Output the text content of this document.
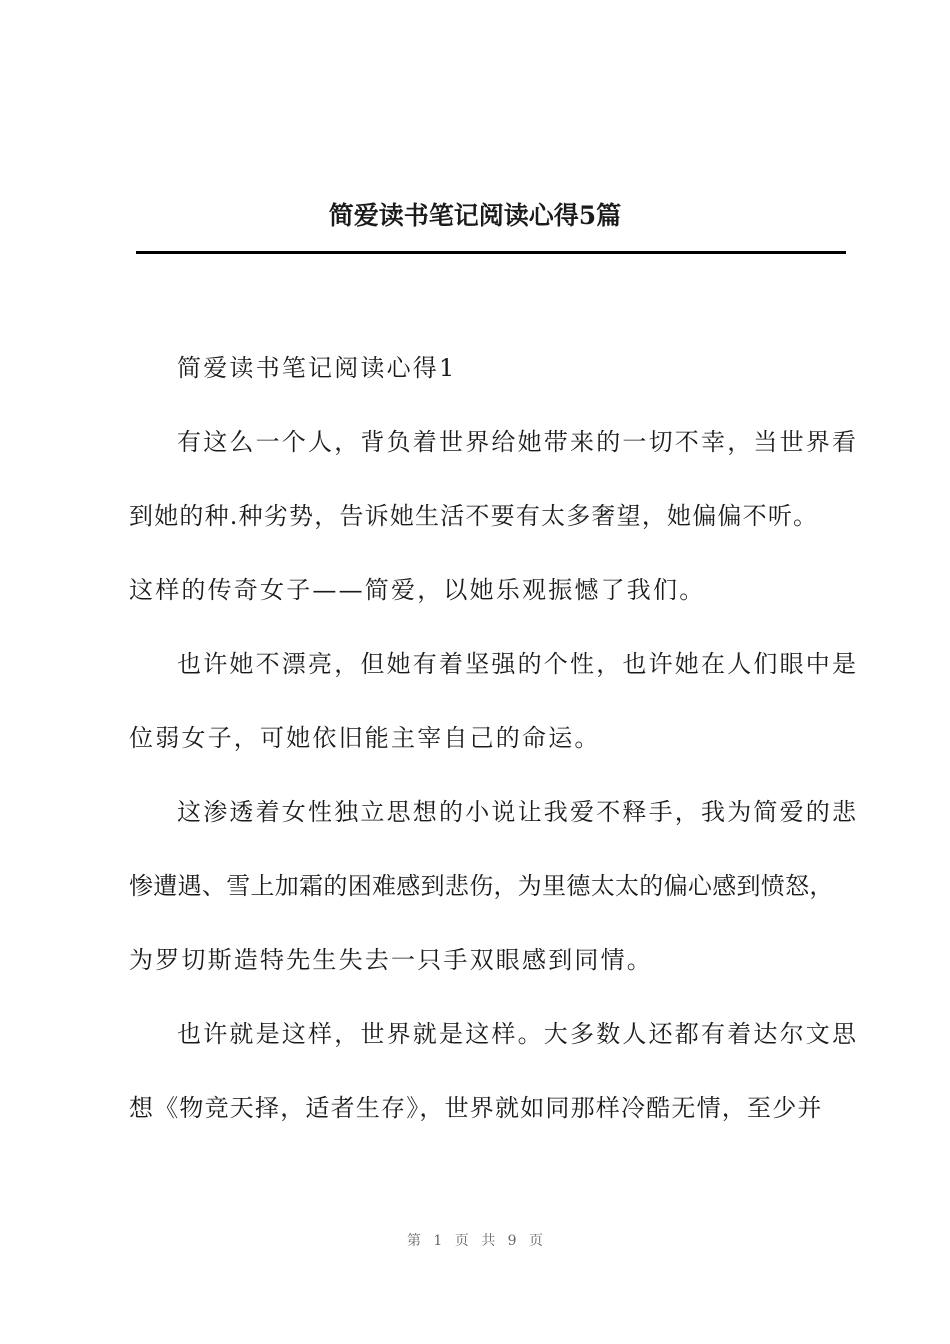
简爱读书笔记阅读心得5篇
简爱读书笔记阅读心得1
有这么一个人，背负着世界给她带来的一切不幸，当世界看
到她的种.种劣势，告诉她生活不要有太多奢望，她偏偏不听。
这样的传奇女子——简爱，以她乐观振憾了我们。
也许她不漂亮，但她有着坚强的个性，也许她在人们眼中是
位弱女子，可她依旧能主宰自己的命运。
这渗透着女性独立思想的小说让我爱不释手，我为简爱的悲
惨遭遇、雪上加霜的困难感到悲伤，为里德太太的偏心感到愤怒，
为罗切斯造特先生失去一只手双眼感到同情。
也许就是这样，世界就是这样。大多数人还都有着达尔文思
想《物竞天择，适者生存》，世界就如同那样冷酷无情，至少并
第 1 页 共 9 页
